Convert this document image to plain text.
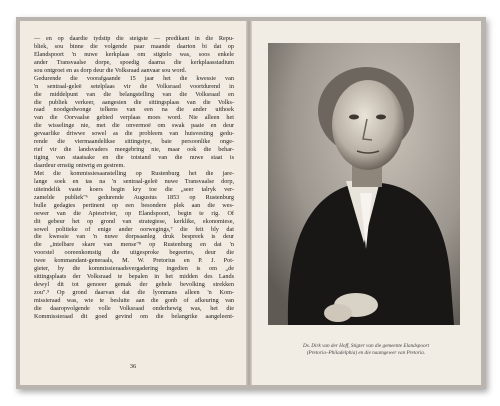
— en op daardie tydstip die steigste — predikant in die Repu-
bliek, sou binne die volgende paar maande daarton bi dat op
Elandspoort 'n nuwe kerkplaas om stigtelo was, soos enkele
ander Transvaalse dorpe, spoedig daarna die kerkplaasstadium
sou ontgroei en as dorp deur die Volksraad aanvaar sou word.
Gedurende die voorafgaande 15 jaar het die kwessie van
'n sentraal-geleë setelplaas vir die Volksraad voortdurend in
die middelpunt van die belangstelling van die Volksraad en
die publiek verkeer, aangesien die sittingsplaas van die Volks-
raad noodgedwonge telkens van een na die ander uithoek
van die Oorvaalse gebied verplaas moes word. Nie alleen het
die wisselinge nie, met die onvermoë om swak paaie en deur
gevaarlike driwwe sowel as die probleem van huisvesting gedu-
rende die viermaandelikse sittingstye, baie persoonlike onge-
rief vir die landsvaders meegebring nie, maar ook die behar-
tiging van staatsake en die totstand van die nuwe staat is
daardeur ernstig ontwrig en gestrem.
Met die kommissiesaanstelling op Rustenburg het die jare-
lange soek en tas na 'n sentraal-geleë nuwe Transvaalse dorp,
uiteindelik vaste koers begin kry toe die „seer talryk ver-
zamelde publiek"⁶ gedurende Augustus 1853 op Rustenburg
bulle gedagtes pertinent op een besondere plek aan die wes-
oewer van die Apiesrivier, op Elandspoort, begin te rig. Of
dit gebeur het op grond van strategiese, kerklike, ekonomiese,
sowel politieke of enige ander oorwegings,⁷ die feit bly dat
die kwessie van 'n nuwe dorpsaanleg druk bespreek is deur
die „intelbare skare van mense"⁸ op Rustenburg en dat 'n
voorstel ooreenkomstig die uitgesproke begeertes, deur die
twee kommandant-generaals, M. W. Pretorius en P. J. Pot-
gieter, by die kommissieraadsvergadering ingedien is om „de
sittingsplaats der Volksraad te bepalen in het midden des Lands
dewyl dit tot genoeer gemak der gehele bevolking strekken
zou".⁹ Op grond daarvan dat die lyonmans alleen 'n Kom-
missieraad was, wie te besluite aan die gonb of afkeuring van
die daaropvolgende volle Volksraad onderhewig was, het die
Kommissieraad dit goed gevind om die belangrike aangeleent-
36
Ds. Dirk van der Hoff, Stigter van die gemeente Elandspoort
(Pretoria–Philadelphia) en die naamgewer van Pretoria.
